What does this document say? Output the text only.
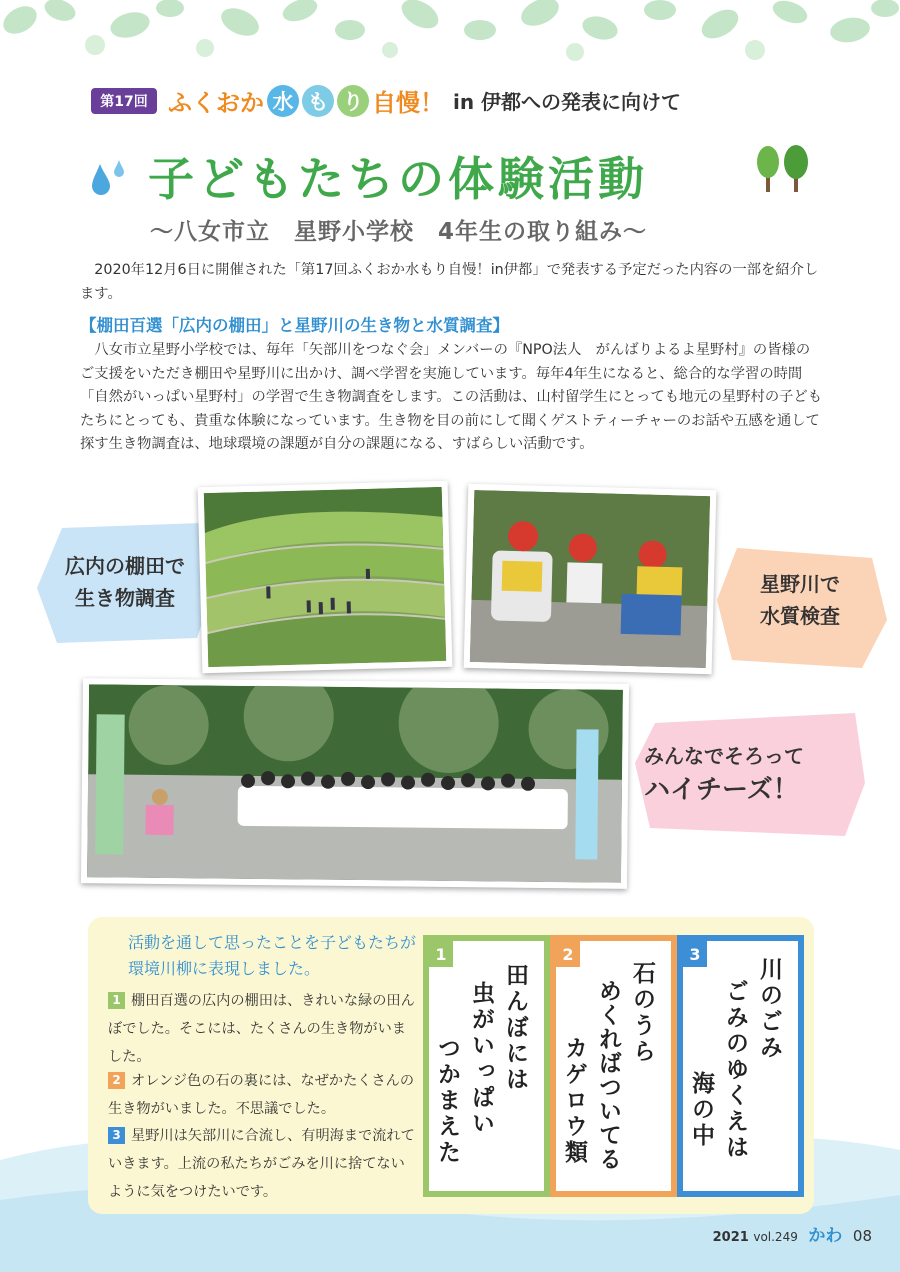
第17回 ふくおか 水 も り 自慢！ in 伊都への発表に向けて
子どもたちの体験活動
〜八女市立　星野小学校　4年生の取り組み〜
　2020年12月6日に開催された「第17回ふくおか水もり自慢！in伊都」で発表する予定だった内容の一部を紹介します。
【棚田百選「広内の棚田」と星野川の生き物と水質調査】
　八女市立星野小学校では、毎年「矢部川をつなぐ会」メンバーの『NPO法人　がんばりよるよ星野村』の皆様のご支援をいただき棚田や星野川に出かけ、調べ学習を実施しています。毎年4年生になると、総合的な学習の時間「自然がいっぱい星野村」の学習で生き物調査をします。この活動は、山村留学生にとっても地元の星野村の子どもたちにとっても、貴重な体験になっています。生き物を目の前にして聞くゲストティーチャーのお話や五感を通して探す生き物調査は、地球環境の課題が自分の課題になる、すばらしい活動です。
広内の棚田で
生き物調査
星野川で
水質検査
みんなでそろって
ハイチーズ！
活動を通して思ったことを子どもたちが環境川柳に表現しました。
1 棚田百選の広内の棚田は、きれいな緑の田んぼでした。そこには、たくさんの生き物がいました。
2 オレンジ色の石の裏には、なぜかたくさんの生き物がいました。不思議でした。
3 星野川は矢部川に合流し、有明海まで流れていきます。上流の私たちがごみを川に捨てないように気をつけたいです。
1
田んぼには
虫がいっぱい
つかまえた
2
石のうら
めくればついてる
カゲロウ類
3
川のごみ
ごみのゆくえは
海の中
2021 vol.249 かわ 08
